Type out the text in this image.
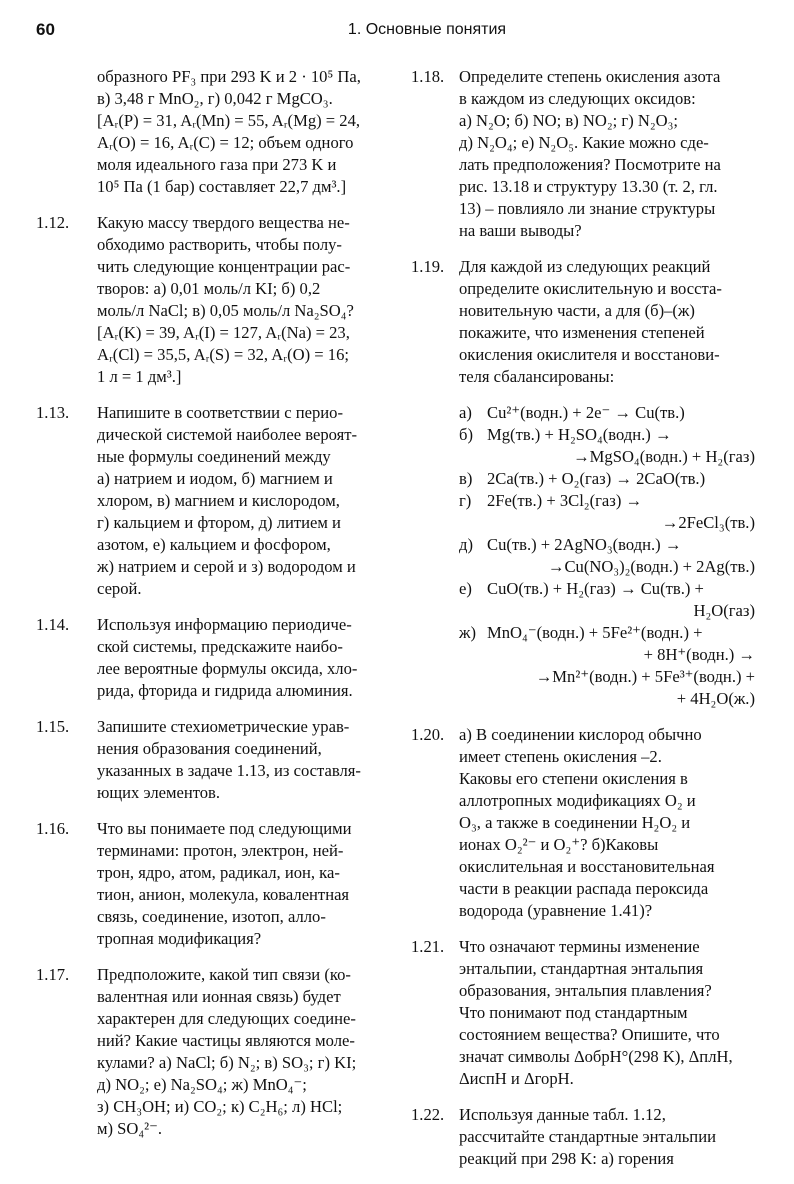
60	1. Основные понятия
образного PF₃ при 293 K и 2 · 10⁵ Па,
в) 3,48 г MnO₂, г) 0,042 г MgCO₃.
[Aᵣ(P) = 31, Aᵣ(Mn) = 55, Aᵣ(Mg) = 24,
Aᵣ(O) = 16, Aᵣ(C) = 12; объем одного
моля идеального газа при 273 K и
10⁵ Па (1 бар) составляет 22,7 дм³.]
1.12. Какую массу твердого вещества не-
обходимо растворить, чтобы полу-
чить следующие концентрации рас-
творов: а) 0,01 моль/л KI; б) 0,2
моль/л NaCl; в) 0,05 моль/л Na₂SO₄?
[Aᵣ(K) = 39, Aᵣ(I) = 127, Aᵣ(Na) = 23,
Aᵣ(Cl) = 35,5, Aᵣ(S) = 32, Aᵣ(O) = 16;
1 л = 1 дм³.]
1.13. Напишите в соответствии с перио-
дической системой наиболее вероят-
ные формулы соединений между
а) натрием и иодом, б) магнием и
хлором, в) магнием и кислородом,
г) кальцием и фтором, д) литием и
азотом, е) кальцием и фосфором,
ж) натрием и серой и з) водородом и
серой.
1.14. Используя информацию периодиче-
ской системы, предскажите наибо-
лее вероятные формулы оксида, хло-
рида, фторида и гидрида алюминия.
1.15. Запишите стехиометрические урав-
нения образования соединений,
указанных в задаче 1.13, из составля-
ющих элементов.
1.16. Что вы понимаете под следующими
терминами: протон, электрон, ней-
трон, ядро, атом, радикал, ион, ка-
тион, анион, молекула, ковалентная
связь, соединение, изотоп, алло-
тропная модификация?
1.17. Предположите, какой тип связи (ко-
валентная или ионная связь) будет
характерен для следующих соедине-
ний? Какие частицы являются моле-
кулами? а) NaCl; б) N₂; в) SO₃; г) KI;
д) NO₂; е) Na₂SO₄; ж) MnO₄⁻;
з) CH₃OH; и) CO₂; к) C₂H₆; л) HCl;
м) SO₄²⁻.
1.18. Определите степень окисления азота
в каждом из следующих оксидов:
а) N₂O; б) NO; в) NO₂; г) N₂O₃;
д) N₂O₄; е) N₂O₅. Какие можно сде-
лать предположения? Посмотрите на
рис. 13.18 и структуру 13.30 (т. 2, гл.
13) – повлияло ли знание структуры
на ваши выводы?
1.19. Для каждой из следующих реакций
определите окислительную и восста-
новительную части, а для (б)–(ж)
покажите, что изменения степеней
окисления окислителя и восстанови-
теля сбалансированы:
а) Cu²⁺(водн.) + 2e⁻ → Cu(тв.)
б) Mg(тв.) + H₂SO₄(водн.) →
→MgSO₄(водн.) + H₂(газ)
в) 2Ca(тв.) + O₂(газ) → 2CaO(тв.)
г) 2Fe(тв.) + 3Cl₂(газ) →
→2FeCl₃(тв.)
д) Cu(тв.) + 2AgNO₃(водн.) →
→Cu(NO₃)₂(водн.) + 2Ag(тв.)
е) CuO(тв.) + H₂(газ) → Cu(тв.) +
H₂O(газ)
ж) MnO₄⁻(водн.) + 5Fe²⁺(водн.) +
+ 8H⁺(водн.) →
→Mn²⁺(водн.) + 5Fe³⁺(водн.) +
+ 4H₂O(ж.)
1.20. а) В соединении кислород обычно
имеет степень окисления –2.
Каковы его степени окисления в
аллотропных модификациях O₂ и
O₃, а также в соединении H₂O₂ и
ионах O₂²⁻ и O₂⁺? б)Каковы
окислительная и восстановительная
части в реакции распада пероксида
водорода (уравнение 1.41)?
1.21. Что означают термины изменение
энтальпии, стандартная энтальпия
образования, энтальпия плавления?
Что понимают под стандартным
состоянием вещества? Опишите, что
значат символы ΔобрH°(298 K), ΔплH,
ΔиспH и ΔгорH.
1.22. Используя данные табл. 1.12,
рассчитайте стандартные энтальпии
реакций при 298 K: а) горения
